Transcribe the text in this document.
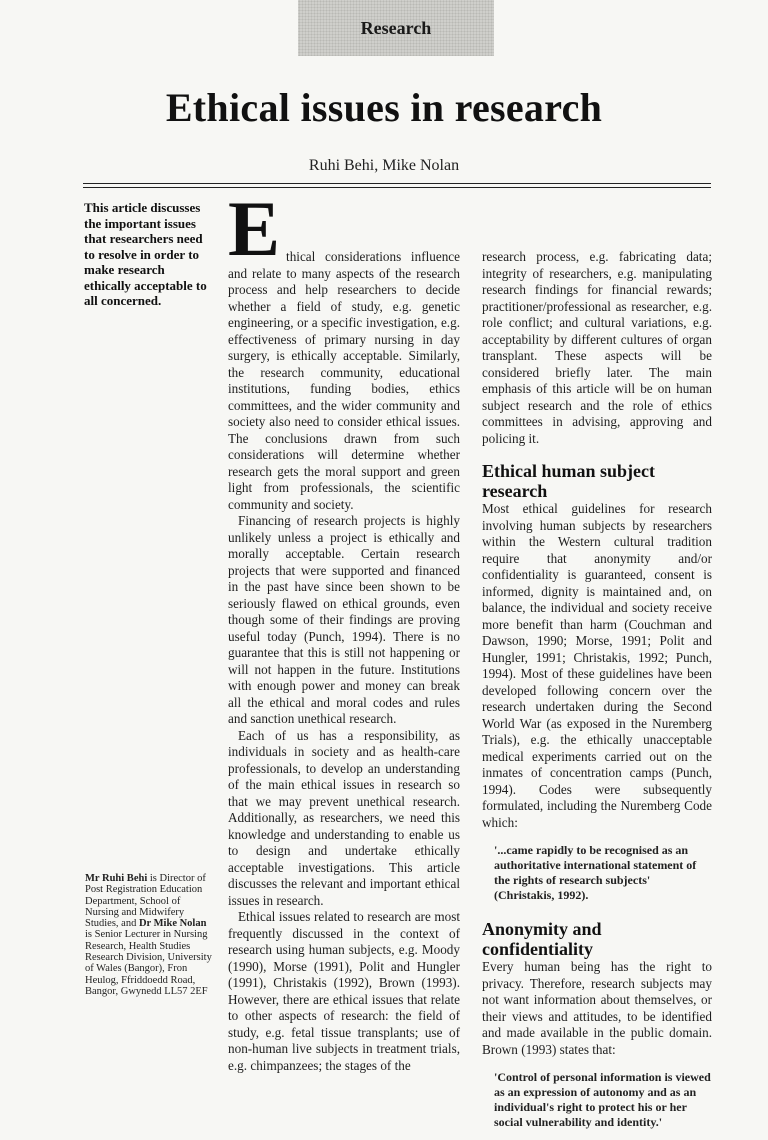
Research
Ethical issues in research
Ruhi Behi, Mike Nolan
This article discusses the important issues that researchers need to resolve in order to make research ethically acceptable to all concerned.
Mr Ruhi Behi is Director of Post Registration Education Department, School of Nursing and Midwifery Studies, and Dr Mike Nolan is Senior Lecturer in Nursing Research, Health Studies Research Division, University of Wales (Bangor), Fron Heulog, Ffriddoedd Road, Bangor, Gwynedd LL57 2EF
E thical considerations influence and relate to many aspects of the research process and help researchers to decide whether a field of study, e.g. genetic engineering, or a specific investigation, e.g. effectiveness of primary nursing in day surgery, is ethically acceptable. Similarly, the research community, educational institutions, funding bodies, ethics committees, and the wider community and society also need to consider ethical issues. The conclusions drawn from such considerations will determine whether research gets the moral support and green light from professionals, the scientific community and society.

Financing of research projects is highly unlikely unless a project is ethically and morally acceptable. Certain research projects that were supported and financed in the past have since been shown to be seriously flawed on ethical grounds, even though some of their findings are proving useful today (Punch, 1994). There is no guarantee that this is still not happening or will not happen in the future. Institutions with enough power and money can break all the ethical and moral codes and rules and sanction unethical research.

Each of us has a responsibility, as individuals in society and as health-care professionals, to develop an understanding of the main ethical issues in research so that we may prevent unethical research. Additionally, as researchers, we need this knowledge and understanding to enable us to design and undertake ethically acceptable investigations. This article discusses the relevant and important ethical issues in research.

Ethical issues related to research are most frequently discussed in the context of research using human subjects, e.g. Moody (1990), Morse (1991), Polit and Hungler (1991), Christakis (1992), Brown (1993). However, there are ethical issues that relate to other aspects of research: the field of study, e.g. fetal tissue transplants; use of non-human live subjects in treatment trials, e.g. chimpanzees; the stages of the

research process, e.g. fabricating data; integrity of researchers, e.g. manipulating research findings for financial rewards; practitioner/professional as researcher, e.g. role conflict; and cultural variations, e.g. acceptability by different cultures of organ transplant. These aspects will be considered briefly later. The main emphasis of this article will be on human subject research and the role of ethics committees in advising, approving and policing it.

Ethical human subject research

Most ethical guidelines for research involving human subjects by researchers within the Western cultural tradition require that anonymity and/or confidentiality is guaranteed, consent is informed, dignity is maintained and, on balance, the individual and society receive more benefit than harm (Couchman and Dawson, 1990; Morse, 1991; Polit and Hungler, 1991; Christakis, 1992; Punch, 1994). Most of these guidelines have been developed following concern over the research undertaken during the Second World War (as exposed in the Nuremberg Trials), e.g. the ethically unacceptable medical experiments carried out on the inmates of concentration camps (Punch, 1994). Codes were subsequently formulated, including the Nuremberg Code which:

'...came rapidly to be recognised as an authoritative international statement of the rights of research subjects' (Christakis, 1992).
Anonymity and confidentiality

Every human being has the right to privacy. Therefore, research subjects may not want information about themselves, or their views and attitudes, to be identified and made available in the public domain. Brown (1993) states that:

'Control of personal information is viewed as an expression of autonomy and as an individual's right to protect his or her social vulnerability and identity.'
